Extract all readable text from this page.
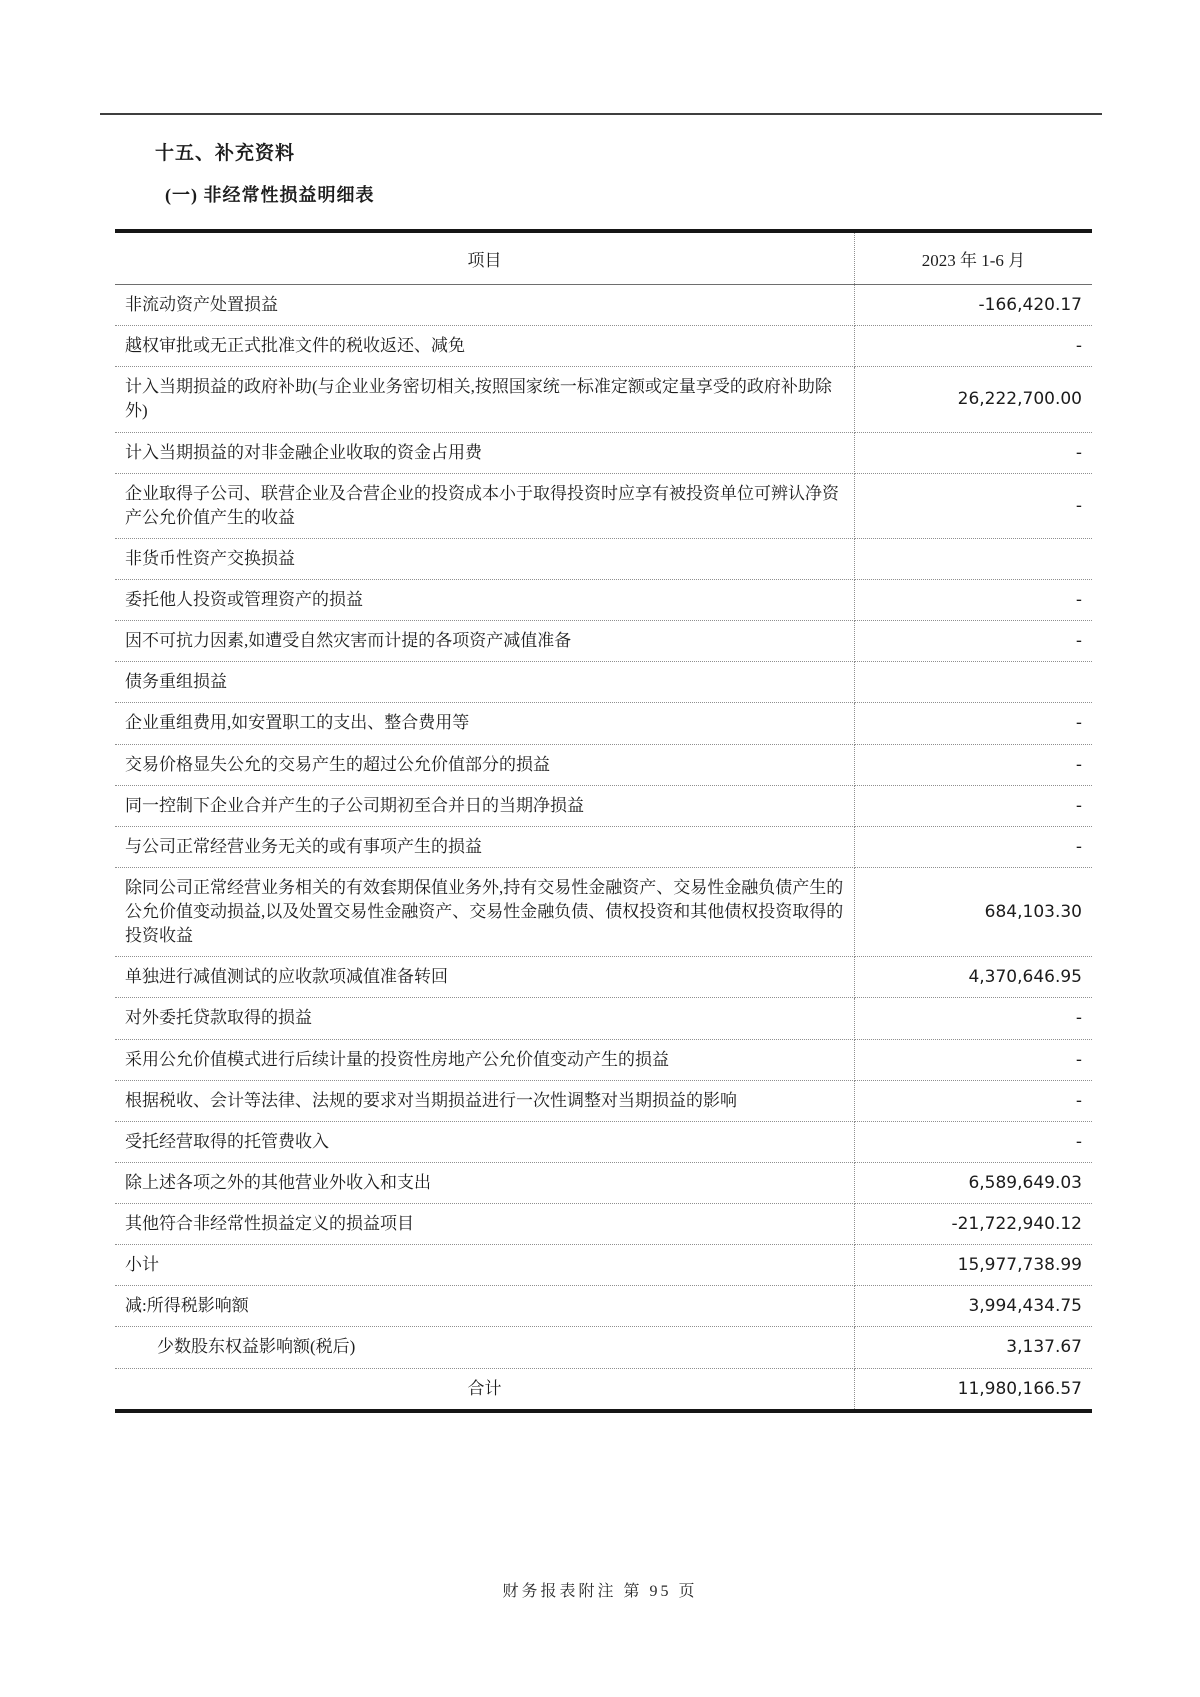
十五、补充资料
(一) 非经常性损益明细表
项目	2023 年 1-6 月
非流动资产处置损益	-166,420.17
越权审批或无正式批准文件的税收返还、减免	-
计入当期损益的政府补助(与企业业务密切相关,按照国家统一标准定额或定量享受的政府补助除外)	26,222,700.00
计入当期损益的对非金融企业收取的资金占用费	-
企业取得子公司、联营企业及合营企业的投资成本小于取得投资时应享有被投资单位可辨认净资产公允价值产生的收益	-
非货币性资产交换损益	
委托他人投资或管理资产的损益	-
因不可抗力因素,如遭受自然灾害而计提的各项资产减值准备	-
债务重组损益	
企业重组费用,如安置职工的支出、整合费用等	-
交易价格显失公允的交易产生的超过公允价值部分的损益	-
同一控制下企业合并产生的子公司期初至合并日的当期净损益	-
与公司正常经营业务无关的或有事项产生的损益	-
除同公司正常经营业务相关的有效套期保值业务外,持有交易性金融资产、交易性金融负债产生的公允价值变动损益,以及处置交易性金融资产、交易性金融负债、债权投资和其他债权投资取得的投资收益	684,103.30
单独进行减值测试的应收款项减值准备转回	4,370,646.95
对外委托贷款取得的损益	-
采用公允价值模式进行后续计量的投资性房地产公允价值变动产生的损益	-
根据税收、会计等法律、法规的要求对当期损益进行一次性调整对当期损益的影响	-
受托经营取得的托管费收入	-
除上述各项之外的其他营业外收入和支出	6,589,649.03
其他符合非经常性损益定义的损益项目	-21,722,940.12
小计	15,977,738.99
减:所得税影响额	3,994,434.75
少数股东权益影响额(税后)	3,137.67
合计	11,980,166.57
财务报表附注 第 95 页
